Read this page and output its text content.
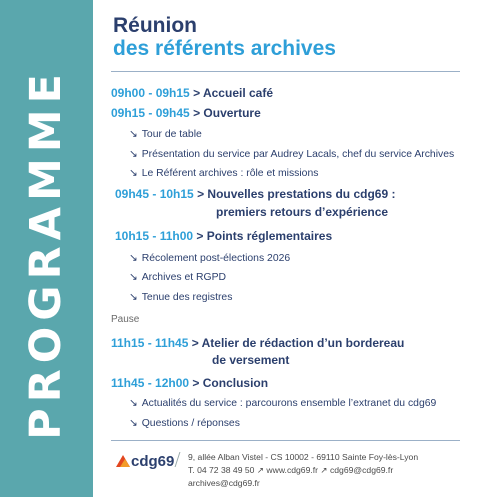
PROGRAMME
Réunion
des référents archives
09h00 - 09h15 > Accueil café
09h15 - 09h45 > Ouverture
↘ Tour de table
↘ Présentation du service par Audrey Lacals, chef du service Archives
↘ Le Référent archives : rôle et missions
09h45 - 10h15 > Nouvelles prestations du cdg69 :
premiers retours d’expérience
10h15 - 11h00 > Points réglementaires
↘ Récolement post-élections 2026
↘ Archives et RGPD
↘ Tenue des registres
Pause
11h15 - 11h45 > Atelier de rédaction d’un bordereau
de versement
11h45 - 12h00 > Conclusion
↘ Actualités du service : parcourons ensemble l’extranet du cdg69
↘ Questions / réponses
cdg69 9, allée Alban Vistel - CS 10002 - 69110 Sainte Foy-lès-Lyon
T. 04 72 38 49 50 ↗ www.cdg69.fr ↗ cdg69@cdg69.fr
archives@cdg69.fr
